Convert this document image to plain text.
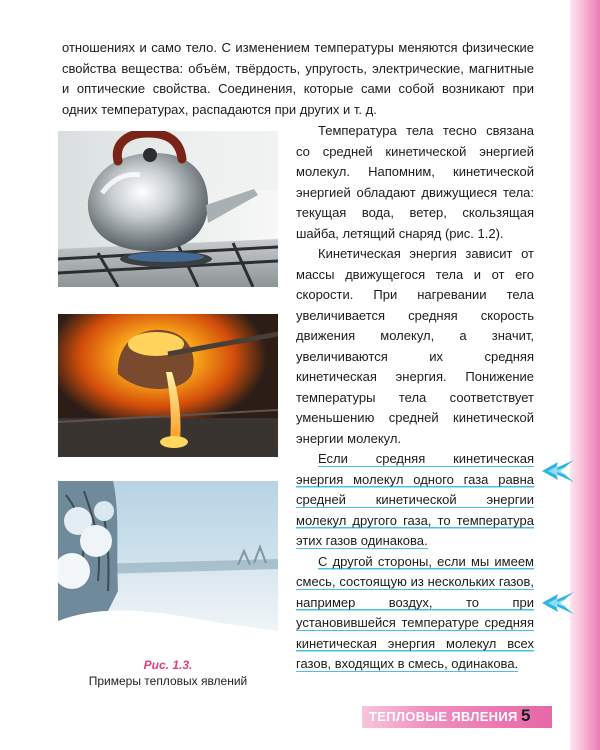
отношениях и само тело. С изменением температуры меняются физические свойства вещества: объём, твёрдость, упругость, электрические, магнитные и оптические свойства. Соединения, которые сами собой возникают при одних температурах, распадаются при других и т. д.

Рис. 1.3.
Примеры тепловых явлений

Температура тела тесно связана со средней кинетической энергией молекул. Напомним, кинетической энергией обладают движущиеся тела: текущая вода, ветер, скользящая шайба, летящий снаряд (рис. 1.2).

Кинетическая энергия зависит от массы движущегося тела и от его скорости. При нагревании тела увеличивается средняя скорость движения молекул, а значит, увеличиваются их средняя кинетическая энергия. Понижение температуры тела соответствует уменьшению средней кинетической энергии молекул.

Если средняя кинетическая энергия молекул одного газа равна средней кинетической энергии молекул другого газа, то температура этих газов одинакова.

С другой стороны, если мы имеем смесь, состоящую из нескольких газов, например воздух, то при установившейся температуре средняя кинетическая энергия молекул всех газов, входящих в смесь, одинакова.

ТЕПЛОВЫЕ ЯВЛЕНИЯ 5
